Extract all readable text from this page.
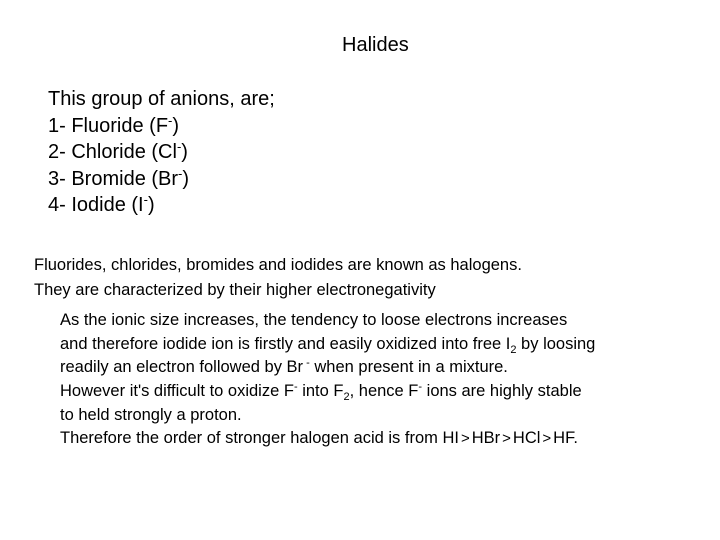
Halides
This group of anions, are;
1- Fluoride (F-)
2- Chloride (Cl-)
3- Bromide (Br-)
4- Iodide (I-)
Fluorides, chlorides, bromides and iodides are known as halogens.
They are characterized by their higher electronegativity
As the ionic size increases, the tendency to loose electrons increases
and therefore iodide ion is firstly and easily oxidized into free $I_2$ by loosing
readily an electron followed by Br - when present in a mixture.
However it's difficult to oxidize F- into $F_2$, hence F- ions are highly stable
to held strongly a proton.
Therefore the order of stronger halogen acid is from HI > HBr > HCl > HF.
